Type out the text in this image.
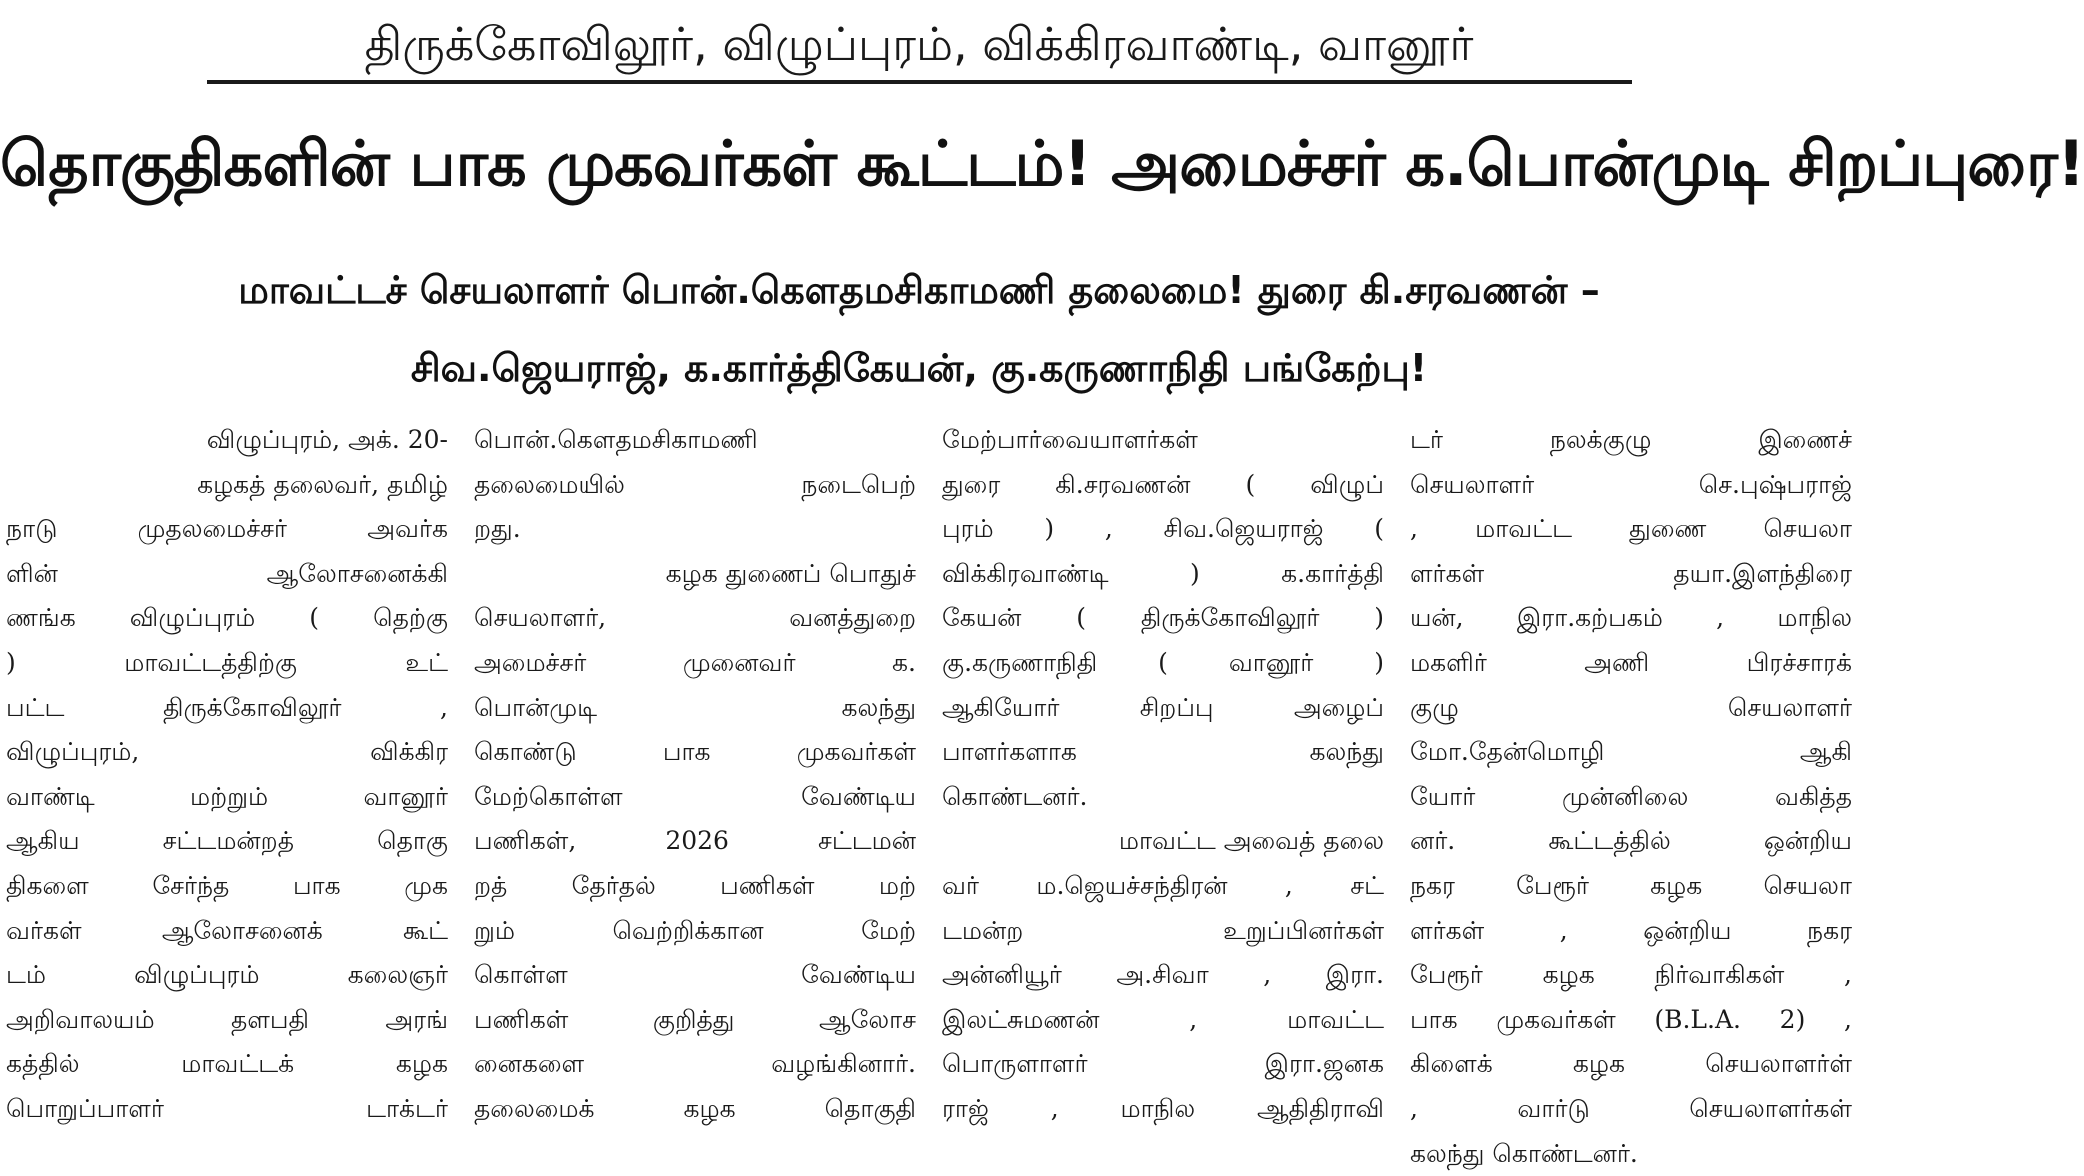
திருக்கோவிலூர், விழுப்புரம், விக்கிரவாண்டி, வானூர்
தொகுதிகளின் பாக முகவர்கள் கூட்டம்! அமைச்சர் க.பொன்முடி சிறப்புரை!
மாவட்டச் செயலாளர் பொன்.கௌதமசிகாமணி தலைமை! துரை கி.சரவணன் –
சிவ.ஜெயராஜ், க.கார்த்திகேயன், கு.கருணாநிதி பங்கேற்பு!
விழுப்புரம், அக். 20-
கழகத் தலைவர், தமிழ்
நாடு முதலமைச்சர் அவர்க
ளின் ஆலோசனைக்கி
ணங்க விழுப்புரம் ( தெற்கு
) மாவட்டத்திற்கு உட்
பட்ட திருக்கோவிலூர் ,
விழுப்புரம், விக்கிர
வாண்டி மற்றும் வானூர்
ஆகிய சட்டமன்றத் தொகு
திகளை சேர்ந்த பாக முக
வர்கள் ஆலோசனைக் கூட்
டம் விழுப்புரம் கலைஞர்
அறிவாலயம் தளபதி அரங்
கத்தில் மாவட்டக் கழக
பொறுப்பாளர் டாக்டர்
பொன்.கௌதமசிகாமணி
தலைமையில் நடைபெற்
றது.
கழக துணைப் பொதுச்
செயலாளர், வனத்துறை
அமைச்சர் முனைவர் க.
பொன்முடி கலந்து
கொண்டு பாக முகவர்கள்
மேற்கொள்ள வேண்டிய
பணிகள், 2026 சட்டமன்
றத் தேர்தல் பணிகள் மற்
றும் வெற்றிக்கான மேற்
கொள்ள வேண்டிய
பணிகள் குறித்து ஆலோச
னைகளை வழங்கினார்.
தலைமைக் கழக தொகுதி
மேற்பார்வையாளர்கள்
துரை கி.சரவணன் ( விழுப்
புரம் ) , சிவ.ஜெயராஜ் (
விக்கிரவாண்டி ) க.கார்த்தி
கேயன் ( திருக்கோவிலூர் )
கு.கருணாநிதி ( வானூர் )
ஆகியோர் சிறப்பு அழைப்
பாளர்களாக கலந்து
கொண்டனர்.
மாவட்ட அவைத் தலை
வர் ம.ஜெயச்சந்திரன் , சட்
டமன்ற உறுப்பினர்கள்
அன்னியூர் அ.சிவா , இரா.
இலட்சுமணன் , மாவட்ட
பொருளாளர் இரா.ஜனக
ராஜ் , மாநில ஆதிதிராவி
டர் நலக்குழு இணைச்
செயலாளர் செ.புஷ்பராஜ்
, மாவட்ட துணை செயலா
ளர்கள் தயா.இளந்திரை
யன், இரா.கற்பகம் , மாநில
மகளிர் அணி பிரச்சாரக்
குழு செயலாளர்
மோ.தேன்மொழி ஆகி
யோர் முன்னிலை வகித்த
னர். கூட்டத்தில் ஒன்றிய
நகர பேரூர் கழக செயலா
ளர்கள் , ஒன்றிய நகர
பேரூர் கழக நிர்வாகிகள் ,
பாக முகவர்கள் (B.L.A. 2) ,
கிளைக் கழக செயலாளர்ள்
, வார்டு செயலாளர்கள்
கலந்து கொண்டனர்.
